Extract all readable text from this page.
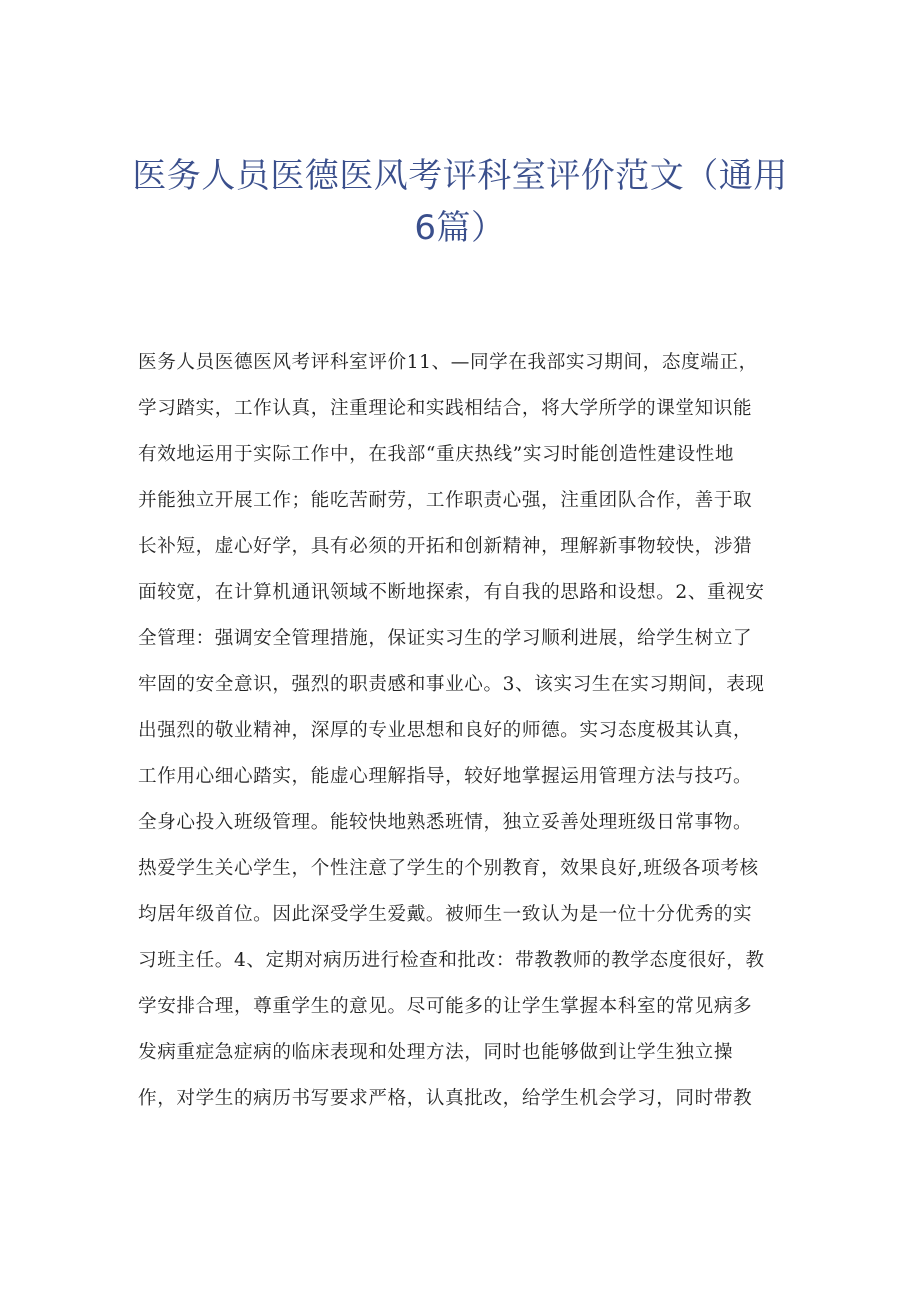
医务人员医德医风考评科室评价范文（通用
6篇）
医务人员医德医风考评科室评价11、—同学在我部实习期间，态度端正，
学习踏实，工作认真，注重理论和实践相结合，将大学所学的课堂知识能
有效地运用于实际工作中，在我部“重庆热线”实习时能创造性建设性地
并能独立开展工作；能吃苦耐劳，工作职责心强，注重团队合作，善于取
长补短，虚心好学，具有必须的开拓和创新精神，理解新事物较快，涉猎
面较宽，在计算机通讯领域不断地探索，有自我的思路和设想。2、重视安
全管理：强调安全管理措施，保证实习生的学习顺利进展，给学生树立了
牢固的安全意识，强烈的职责感和事业心。3、该实习生在实习期间，表现
出强烈的敬业精神，深厚的专业思想和良好的师德。实习态度极其认真，
工作用心细心踏实，能虚心理解指导，较好地掌握运用管理方法与技巧。
全身心投入班级管理。能较快地熟悉班情，独立妥善处理班级日常事物。
热爱学生关心学生，个性注意了学生的个别教育，效果良好,班级各项考核
均居年级首位。因此深受学生爱戴。被师生一致认为是一位十分优秀的实
习班主任。4、定期对病历进行检查和批改：带教教师的教学态度很好，教
学安排合理，尊重学生的意见。尽可能多的让学生掌握本科室的常见病多
发病重症急症病的临床表现和处理方法，同时也能够做到让学生独立操
作，对学生的病历书写要求严格，认真批改，给学生机会学习，同时带教
